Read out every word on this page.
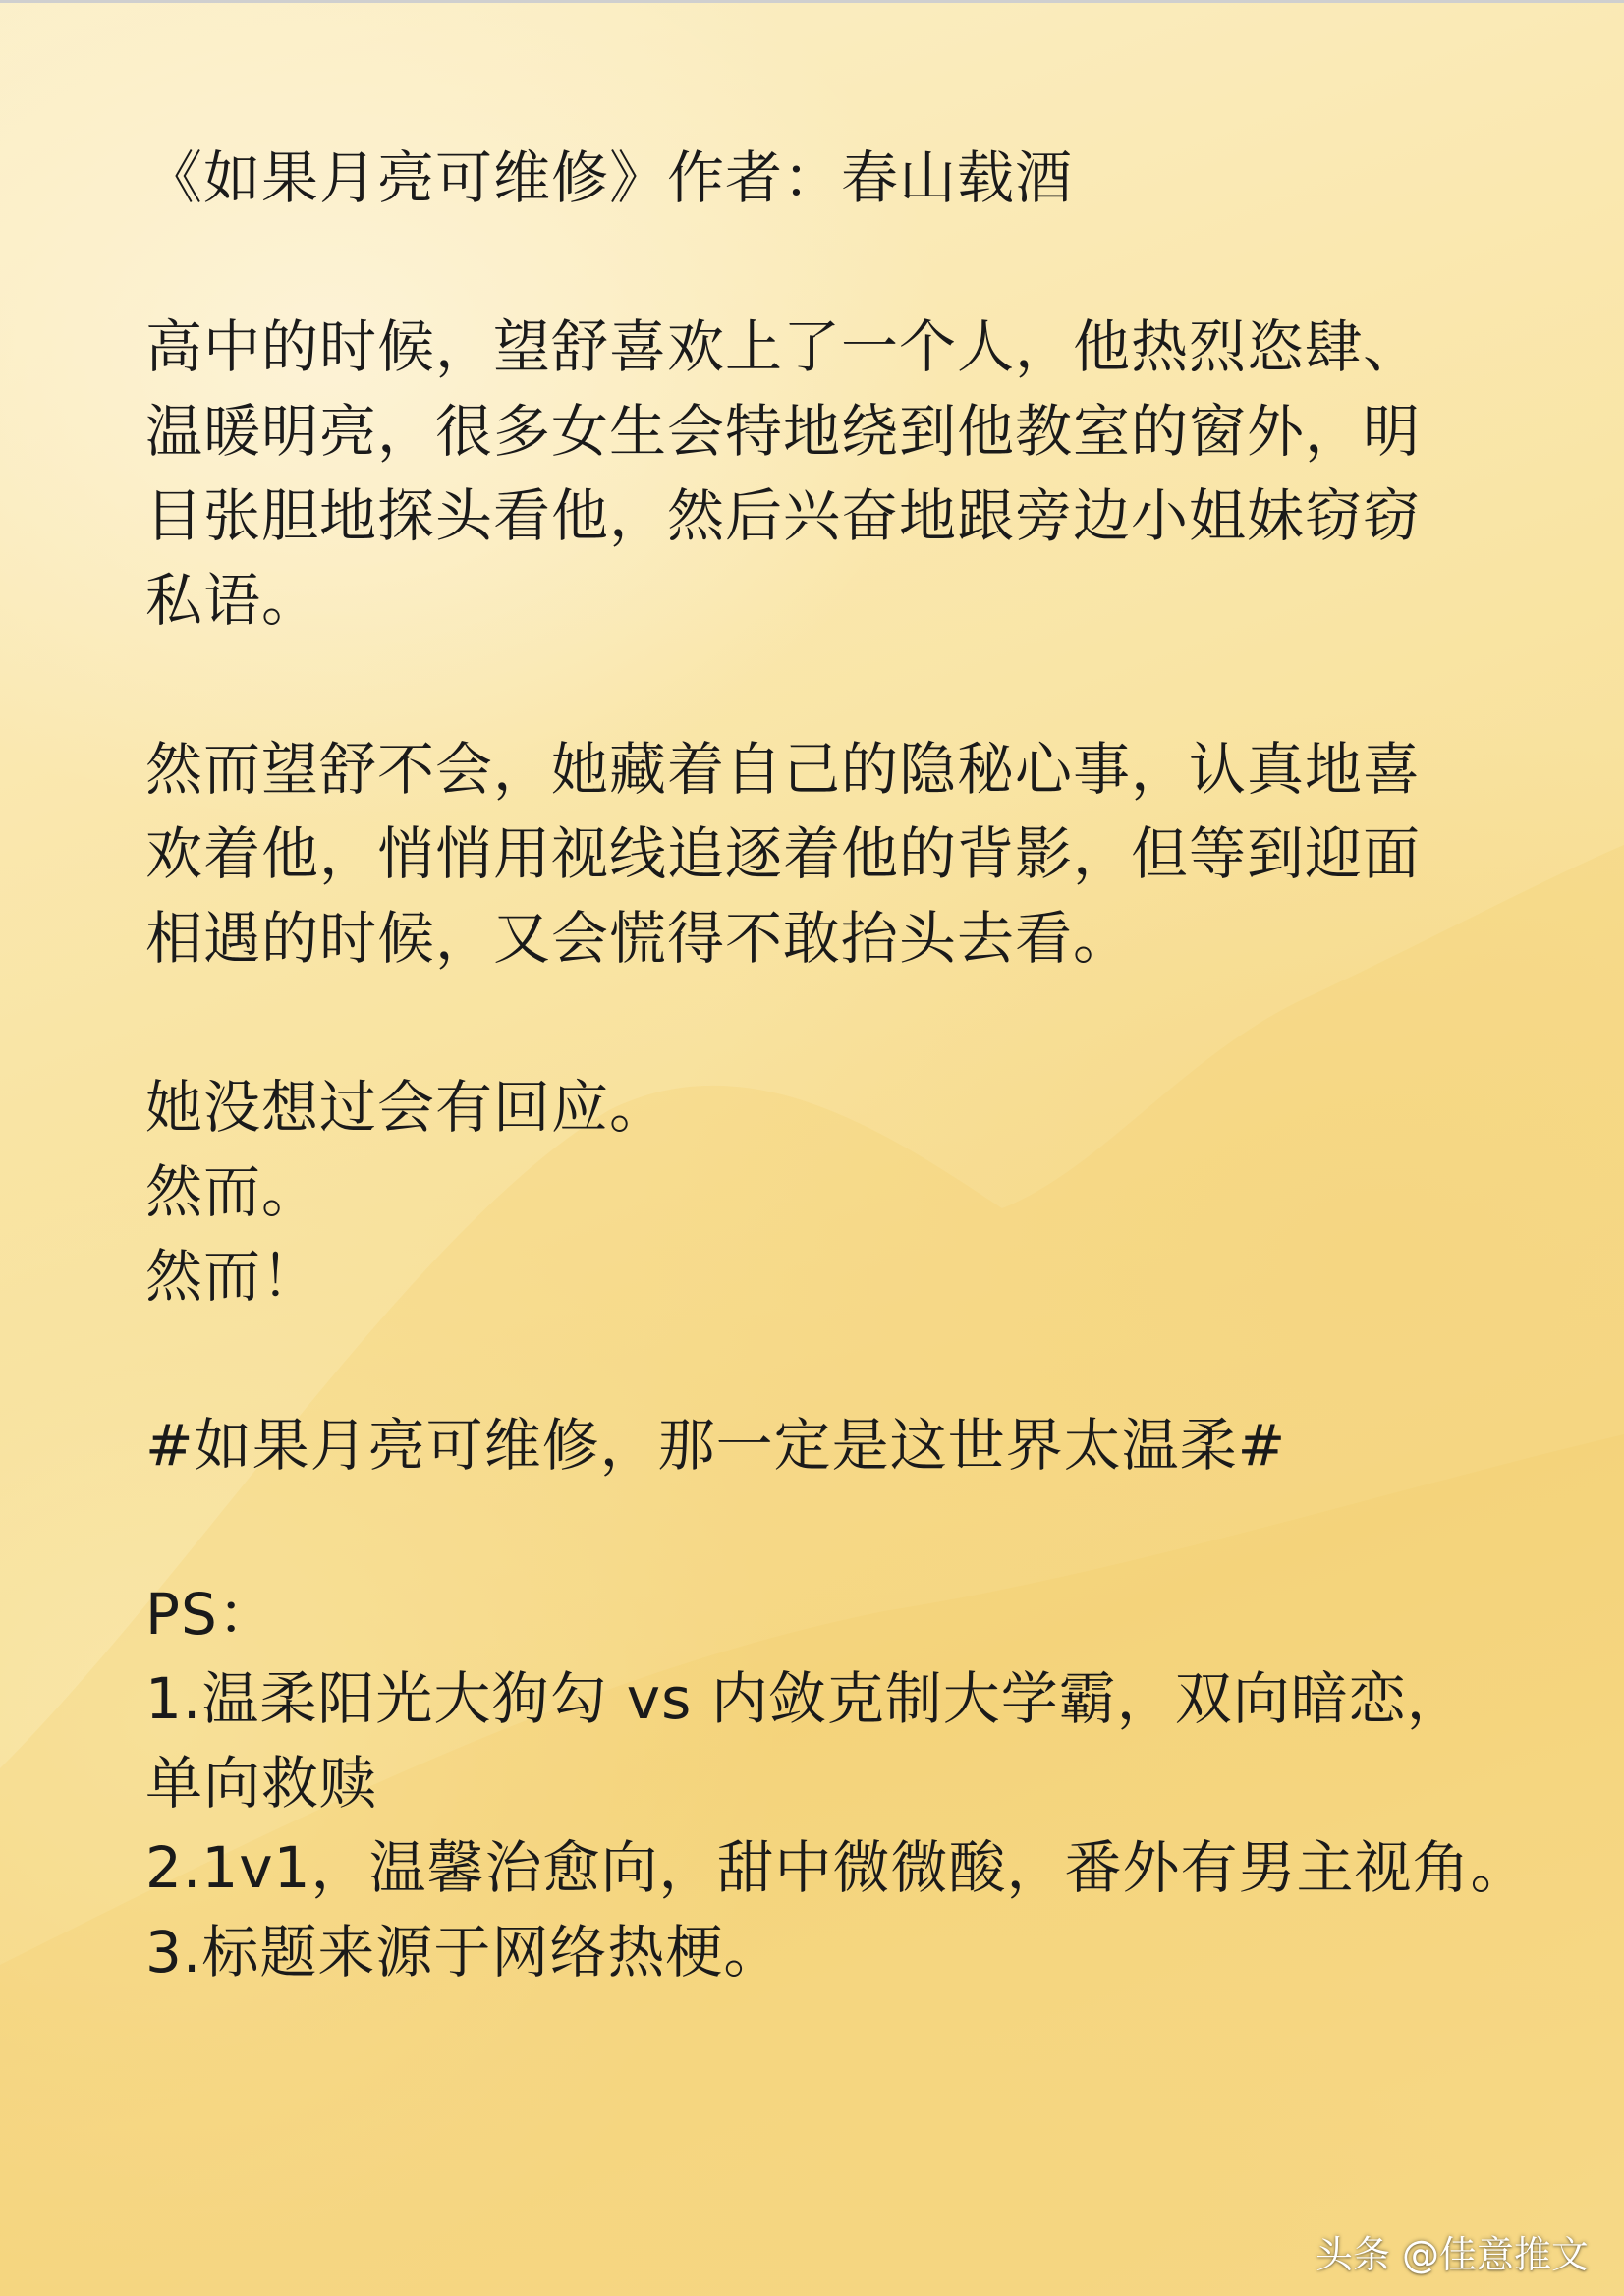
《如果月亮可维修》作者：春山载酒
高中的时候，望舒喜欢上了一个人，他热烈恣肆、
温暖明亮，很多女生会特地绕到他教室的窗外，明
目张胆地探头看他，然后兴奋地跟旁边小姐妹窃窃
私语。
然而望舒不会，她藏着自己的隐秘心事，认真地喜
欢着他，悄悄用视线追逐着他的背影，但等到迎面
相遇的时候，又会慌得不敢抬头去看。
她没想过会有回应。
然而。
然而！
#如果月亮可维修，那一定是这世界太温柔#
PS：
1.温柔阳光大狗勾 vs 内敛克制大学霸，双向暗恋，
单向救赎
2.1v1，温馨治愈向，甜中微微酸，番外有男主视角。
3.标题来源于网络热梗。
头条 @佳意推文
